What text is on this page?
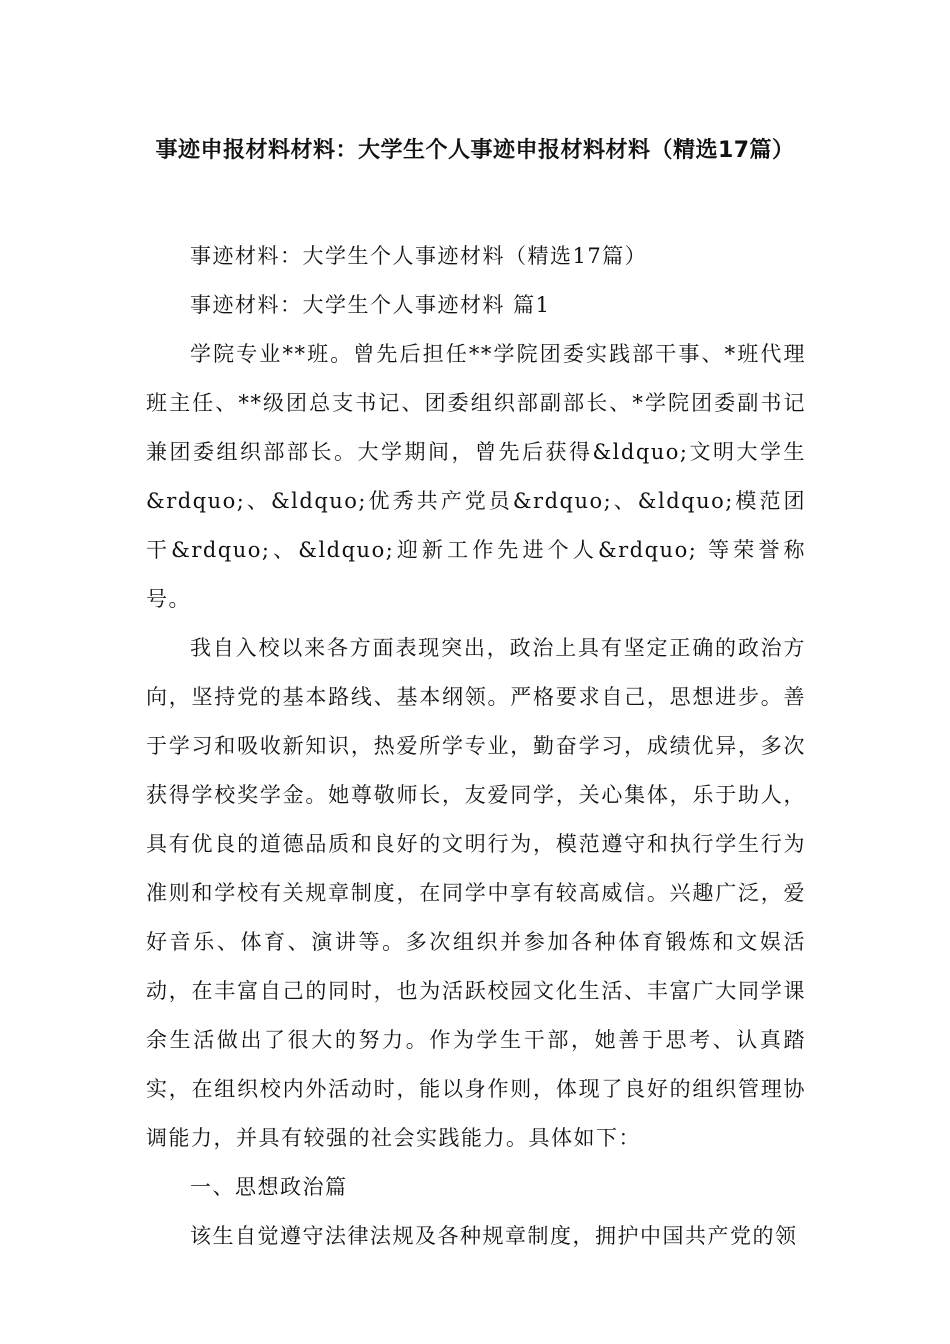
事迹申报材料材料：大学生个人事迹申报材料材料（精选17篇）

事迹材料：大学生个人事迹材料（精选17篇）

事迹材料：大学生个人事迹材料 篇1

学院专业**班。曾先后担任**学院团委实践部干事、*班代理班主任、**级团总支书记、团委组织部副部长、*学院团委副书记兼团委组织部部长。大学期间，曾先后获得&ldquo;文明大学生&rdquo;、&ldquo;优秀共产党员&rdquo;、&ldquo;模范团干&rdquo;、&ldquo;迎新工作先进个人&rdquo; 等荣誉称号。

我自入校以来各方面表现突出，政治上具有坚定正确的政治方向，坚持党的基本路线、基本纲领。严格要求自己，思想进步。善于学习和吸收新知识，热爱所学专业，勤奋学习，成绩优异，多次获得学校奖学金。她尊敬师长，友爱同学，关心集体，乐于助人，具有优良的道德品质和良好的文明行为，模范遵守和执行学生行为准则和学校有关规章制度，在同学中享有较高威信。兴趣广泛，爱好音乐、体育、演讲等。多次组织并参加各种体育锻炼和文娱活动，在丰富自己的同时，也为活跃校园文化生活、丰富广大同学课余生活做出了很大的努力。作为学生干部，她善于思考、认真踏实，在组织校内外活动时，能以身作则，体现了良好的组织管理协调能力，并具有较强的社会实践能力。具体如下：

一、思想政治篇

该生自觉遵守法律法规及各种规章制度，拥护中国共产党的领
